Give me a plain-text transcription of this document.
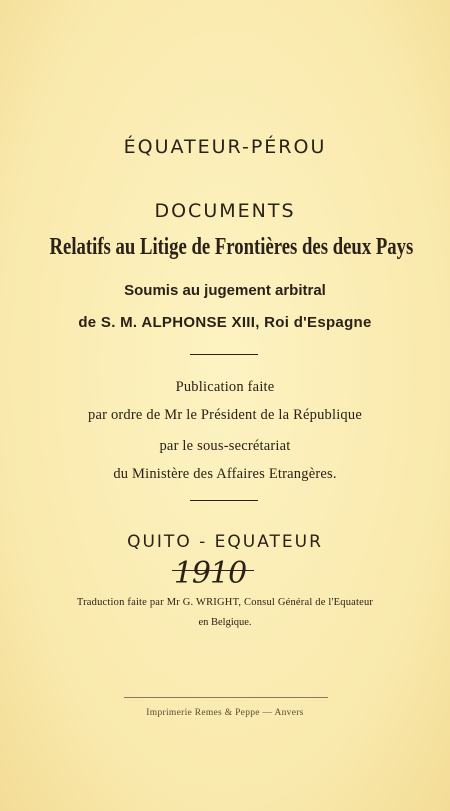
ÉQUATEUR-PÉROU
DOCUMENTS
Relatifs au Litige de Frontières des deux Pays
Soumis au jugement arbitral
de S. M. ALPHONSE XIII, Roi d'Espagne
Publication faite
par ordre de Mr le Président de la République
par le sous-secrétariat
du Ministère des Affaires Etrangères.
QUITO - EQUATEUR
1910
Traduction faite par Mr G. WRIGHT, Consul Général de l'Equateur
en Belgique.
Imprimerie Remes & Peppe — Anvers
